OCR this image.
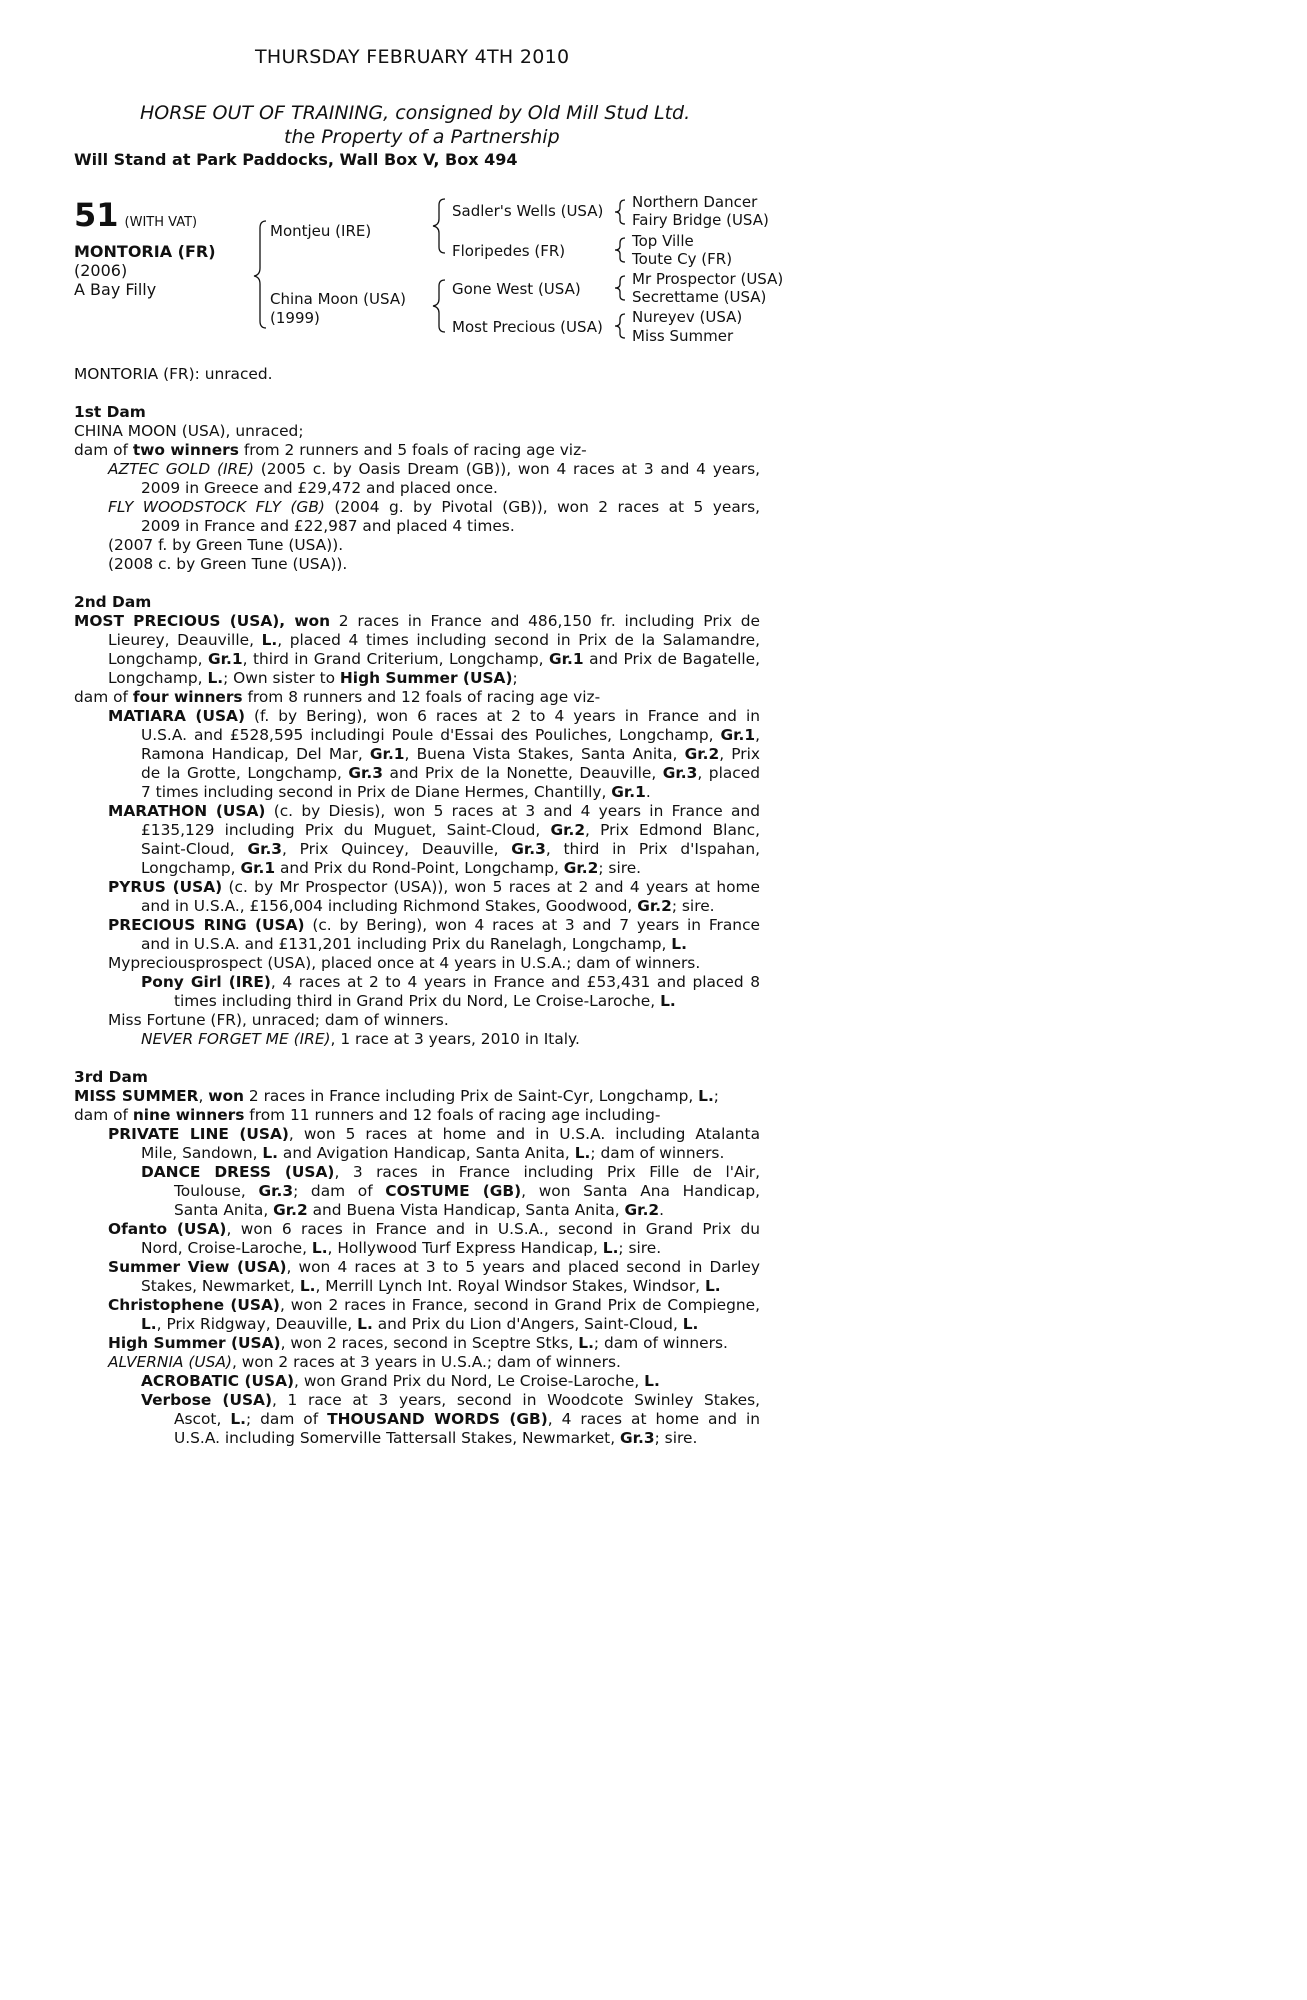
THURSDAY FEBRUARY 4TH 2010
HORSE OUT OF TRAINING, consigned by Old Mill Stud Ltd.
the Property of a Partnership
Will Stand at Park Paddocks, Wall Box V, Box 494
51 (WITH VAT)
MONTORIA (FR)
(2006)
A Bay Filly
Montjeu (IRE)
China Moon (USA)
(1999)
Sadler's Wells (USA)
Floripedes (FR)
Gone West (USA)
Most Precious (USA)
Northern Dancer
Fairy Bridge (USA)
Top Ville
Toute Cy (FR)
Mr Prospector (USA)
Secrettame (USA)
Nureyev (USA)
Miss Summer
MONTORIA (FR): unraced.
1st Dam
CHINA MOON (USA), unraced;
dam of two winners from 2 runners and 5 foals of racing age viz-
AZTEC GOLD (IRE) (2005 c. by Oasis Dream (GB)), won 4 races at 3 and 4 years,
2009 in Greece and £29,472 and placed once.
FLY WOODSTOCK FLY (GB) (2004 g. by Pivotal (GB)), won 2 races at 5 years,
2009 in France and £22,987 and placed 4 times.
(2007 f. by Green Tune (USA)).
(2008 c. by Green Tune (USA)).
2nd Dam
MOST PRECIOUS (USA), won 2 races in France and 486,150 fr. including Prix de
Lieurey, Deauville, L., placed 4 times including second in Prix de la Salamandre,
Longchamp, Gr.1, third in Grand Criterium, Longchamp, Gr.1 and Prix de Bagatelle,
Longchamp, L.; Own sister to High Summer (USA);
dam of four winners from 8 runners and 12 foals of racing age viz-
MATIARA (USA) (f. by Bering), won 6 races at 2 to 4 years in France and in
U.S.A. and £528,595 includingi Poule d'Essai des Pouliches, Longchamp, Gr.1,
Ramona Handicap, Del Mar, Gr.1, Buena Vista Stakes, Santa Anita, Gr.2, Prix
de la Grotte, Longchamp, Gr.3 and Prix de la Nonette, Deauville, Gr.3, placed
7 times including second in Prix de Diane Hermes, Chantilly, Gr.1.
MARATHON (USA) (c. by Diesis), won 5 races at 3 and 4 years in France and
£135,129 including Prix du Muguet, Saint-Cloud, Gr.2, Prix Edmond Blanc,
Saint-Cloud, Gr.3, Prix Quincey, Deauville, Gr.3, third in Prix d'Ispahan,
Longchamp, Gr.1 and Prix du Rond-Point, Longchamp, Gr.2; sire.
PYRUS (USA) (c. by Mr Prospector (USA)), won 5 races at 2 and 4 years at home
and in U.S.A., £156,004 including Richmond Stakes, Goodwood, Gr.2; sire.
PRECIOUS RING (USA) (c. by Bering), won 4 races at 3 and 7 years in France
and in U.S.A. and £131,201 including Prix du Ranelagh, Longchamp, L.
Mypreciousprospect (USA), placed once at 4 years in U.S.A.; dam of winners.
Pony Girl (IRE), 4 races at 2 to 4 years in France and £53,431 and placed 8
times including third in Grand Prix du Nord, Le Croise-Laroche, L.
Miss Fortune (FR), unraced; dam of winners.
NEVER FORGET ME (IRE), 1 race at 3 years, 2010 in Italy.
3rd Dam
MISS SUMMER, won 2 races in France including Prix de Saint-Cyr, Longchamp, L.;
dam of nine winners from 11 runners and 12 foals of racing age including-
PRIVATE LINE (USA), won 5 races at home and in U.S.A. including Atalanta
Mile, Sandown, L. and Avigation Handicap, Santa Anita, L.; dam of winners.
DANCE DRESS (USA), 3 races in France including Prix Fille de l'Air,
Toulouse, Gr.3; dam of COSTUME (GB), won Santa Ana Handicap,
Santa Anita, Gr.2 and Buena Vista Handicap, Santa Anita, Gr.2.
Ofanto (USA), won 6 races in France and in U.S.A., second in Grand Prix du
Nord, Croise-Laroche, L., Hollywood Turf Express Handicap, L.; sire.
Summer View (USA), won 4 races at 3 to 5 years and placed second in Darley
Stakes, Newmarket, L., Merrill Lynch Int. Royal Windsor Stakes, Windsor, L.
Christophene (USA), won 2 races in France, second in Grand Prix de Compiegne,
L., Prix Ridgway, Deauville, L. and Prix du Lion d'Angers, Saint-Cloud, L.
High Summer (USA), won 2 races, second in Sceptre Stks, L.; dam of winners.
ALVERNIA (USA), won 2 races at 3 years in U.S.A.; dam of winners.
ACROBATIC (USA), won Grand Prix du Nord, Le Croise-Laroche, L.
Verbose (USA), 1 race at 3 years, second in Woodcote Swinley Stakes,
Ascot, L.; dam of THOUSAND WORDS (GB), 4 races at home and in
U.S.A. including Somerville Tattersall Stakes, Newmarket, Gr.3; sire.
